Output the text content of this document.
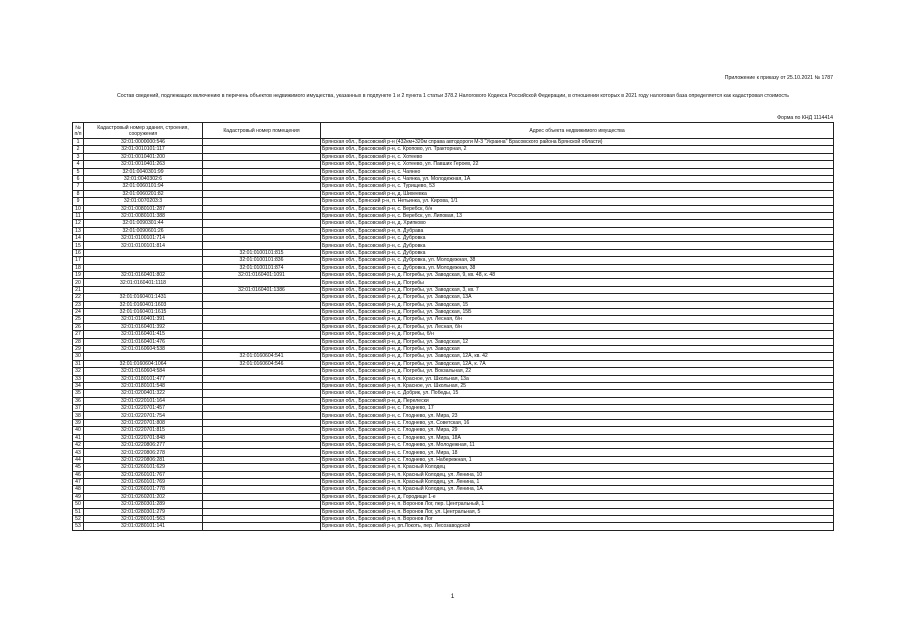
Приложение к приказу от 25.10.2021 № 1787
Состав сведений, подлежащих включению в перечень объектов недвижимого имущества, указанных в подпункте 1 и 2 пункта 1 статьи 378.2 Налогового Кодекса Российской Федерации, в отношении которых в 2021 году налоговая база определяется как кадастровая стоимость
Форма по КНД 1114414
№ п/п	Кадастровый номер здания, строения, сооружения	Кадастровый номер помещения	Адрес объекта недвижимого имущества
1	32:01:0000000:546		Брянская обл., Брасовский р-н (432км+320м справа автодороги М-3 "Украина" Брасовского района Брянской области)
2	32:01:0010101:117		Брянская обл., Брасовский р-н, с. Кропово, ул. Тракторная, 2
3	32:01:0010401:200		Брянская обл., Брасовский р-н, с. Хотеево
4	32:01:0010401:263		Брянская обл., Брасовский р-н, с. Хотеево, ул. Павших Героев, 22
5	32:01:0040301:99		Брянская обл., Брасовский р-н, с. Чаянно
6	32:01:0040302:6		Брянская обл., Брасовский р-н, с. Чаянка, ул. Молодежная, 1А
7	32:01:0060101:94		Брянская обл., Брасовский р-н, с. Турищево, 53
8	32:01:0060201:82		Брянская обл., Брасовский р-н, д. Шихеевка
9	32:01:0070203:3		Брянская обл., Брянский р-н, п. Нетьинка, ул. Кирова, 1/1
10	32:01:0080101:287		Брянская обл., Брасовский р-н, с. Веребск, б/н
11	32:01:0080101:388		Брянская обл., Брасовский р-н, с. Веребск, ул. Липовая, 13
12	32:01:0090301:44		Брянская обл., Брасовский р-н, д. Хрипково
13	32:01:0090601:26		Брянская обл., Брасовский р-н, п. Дубрава
14	32:01:0100101:714		Брянская обл., Брасовский р-н, с. Дубровка
15	32:01:0100101:814		Брянская обл., Брасовский р-н, с. Дубровка
16		32:01:0100101:815	Брянская обл., Брасовский р-н, с. Дубровка
17		32:01:0100101:836	Брянская обл., Брасовский р-н, с. Дубровка, ул. Молодежная, 38
18		32:01:0100101:874	Брянская обл., Брасовский р-н, с. Дубровка, ул. Молодежная, 38
19	32:01:0160401:802	32:01:0160401:1091	Брянская обл., Брасовский р-н, д. Погребы, ул. Заводская, 9, кв. 48, к. 48
20	32:01:0160401:1118		Брянская обл., Брасовский р-н, д. Погребы
21		32:01:0160401:1386	Брянская обл., Брасовский р-н, д. Погребы, ул. Заводская, 3, кв. 7
22	32:01:0160401:1431		Брянская обл., Брасовский р-н, д. Погребы, ул. Заводская, 13А
23	32:01:0160401:1603		Брянская обл., Брасовский р-н, д. Погребы, ул. Заводская, 15
24	32:01:0160401:1615		Брянская обл., Брасовский р-н, д. Погребы, ул. Заводская, 15Б
25	32:01:0160401:391		Брянская обл., Брасовский р-н, д. Погребы, ул. Лесная, б/н
26	32:01:0160401:392		Брянская обл., Брасовский р-н, д. Погребы, ул. Лесная, б/н
27	32:01:0160401:415		Брянская обл., Брасовский р-н, д. Погребы, б/н
28	32:01:0160401:476		Брянская обл., Брасовский р-н, д. Погребы, ул. Заводская, 12
29	32:01:0160604:538		Брянская обл., Брасовский р-н, д. Погребы, ул. Заводская
30		32:01:0160604:541	Брянская обл., Брасовский р-н, д. Погребы, ул. Заводская, 12А, кв. 42
31	32:01:0160604:1064	32:01:0160604:546	Брянская обл., Брасовский р-н, д. Погребы, ул. Заводская, 12А, к. 7А
32	32:01:0160604:584		Брянская обл., Брасовский р-н, д. Погребы, ул. Вокзальная, 22
33	32:01:0180101:477		Брянская обл., Брасовский р-н, п. Красное, ул. Школьная, 13а
34	32:01:0180101:548		Брянская обл., Брасовский р-н, п. Красное, ул. Школьная, 25
35	32:01:0200401:322		Брянская обл., Брасовский р-н, с. Добрик, ул. Победы, 15
36	32:01:0220101:164		Брянская обл., Брасовский р-н, д. Перелески
37	32:01:0220701:457		Брянская обл., Брасовский р-н, с. Глоднево, 17
38	32:01:0220701:754		Брянская обл., Брасовский р-н, с. Глоднево, ул. Мира, 23
39	32:01:0220701:808		Брянская обл., Брасовский р-н, с. Глоднево, ул. Советская, 16
40	32:01:0220701:815		Брянская обл., Брасовский р-н, с. Глоднево, ул. Мира, 29
41	32:01:0220701:848		Брянская обл., Брасовский р-н, с. Глоднево, ул. Мира, 18А
42	32:01:0220806:277		Брянская обл., Брасовский р-н, с. Глоднево, ул. Молодежная, 11
43	32:01:0220806:278		Брянская обл., Брасовский р-н, с. Глоднево, ул. Мира, 18
44	32:01:0220806:281		Брянская обл., Брасовский р-н, с. Глоднево, ул. Набережная, 1
45	32:01:0260101:629		Брянская обл., Брасовский р-н, п. Красный Колодец
46	32:01:0260101:767		Брянская обл., Брасовский р-н, п. Красный Колодец, ул. Ленина, 10
47	32:01:0260101:769		Брянская обл., Брасовский р-н, п. Красный Колодец, ул. Ленина, 1
48	32:01:0260101:778		Брянская обл., Брасовский р-н, п. Красный Колодец, ул. Ленина, 1А
49	32:01:0260201:202		Брянская обл., Брасовский р-н, д. Городище 1-е
50	32:01:0280301:289		Брянская обл., Брасовский р-н, п. Воронов Лог, пер. Центральный, 1
51	32:01:0280301:279		Брянская обл., Брасовский р-н, п. Воронов Лог, ул. Центральная, 5
52	32:01:0280101:563		Брянская обл., Брасовский р-н, п. Воронов Лог
53	32:01:0280101:141		Брянская обл., Брасовский р-н, рп.Локоть, пер. Лесозаводской
1
